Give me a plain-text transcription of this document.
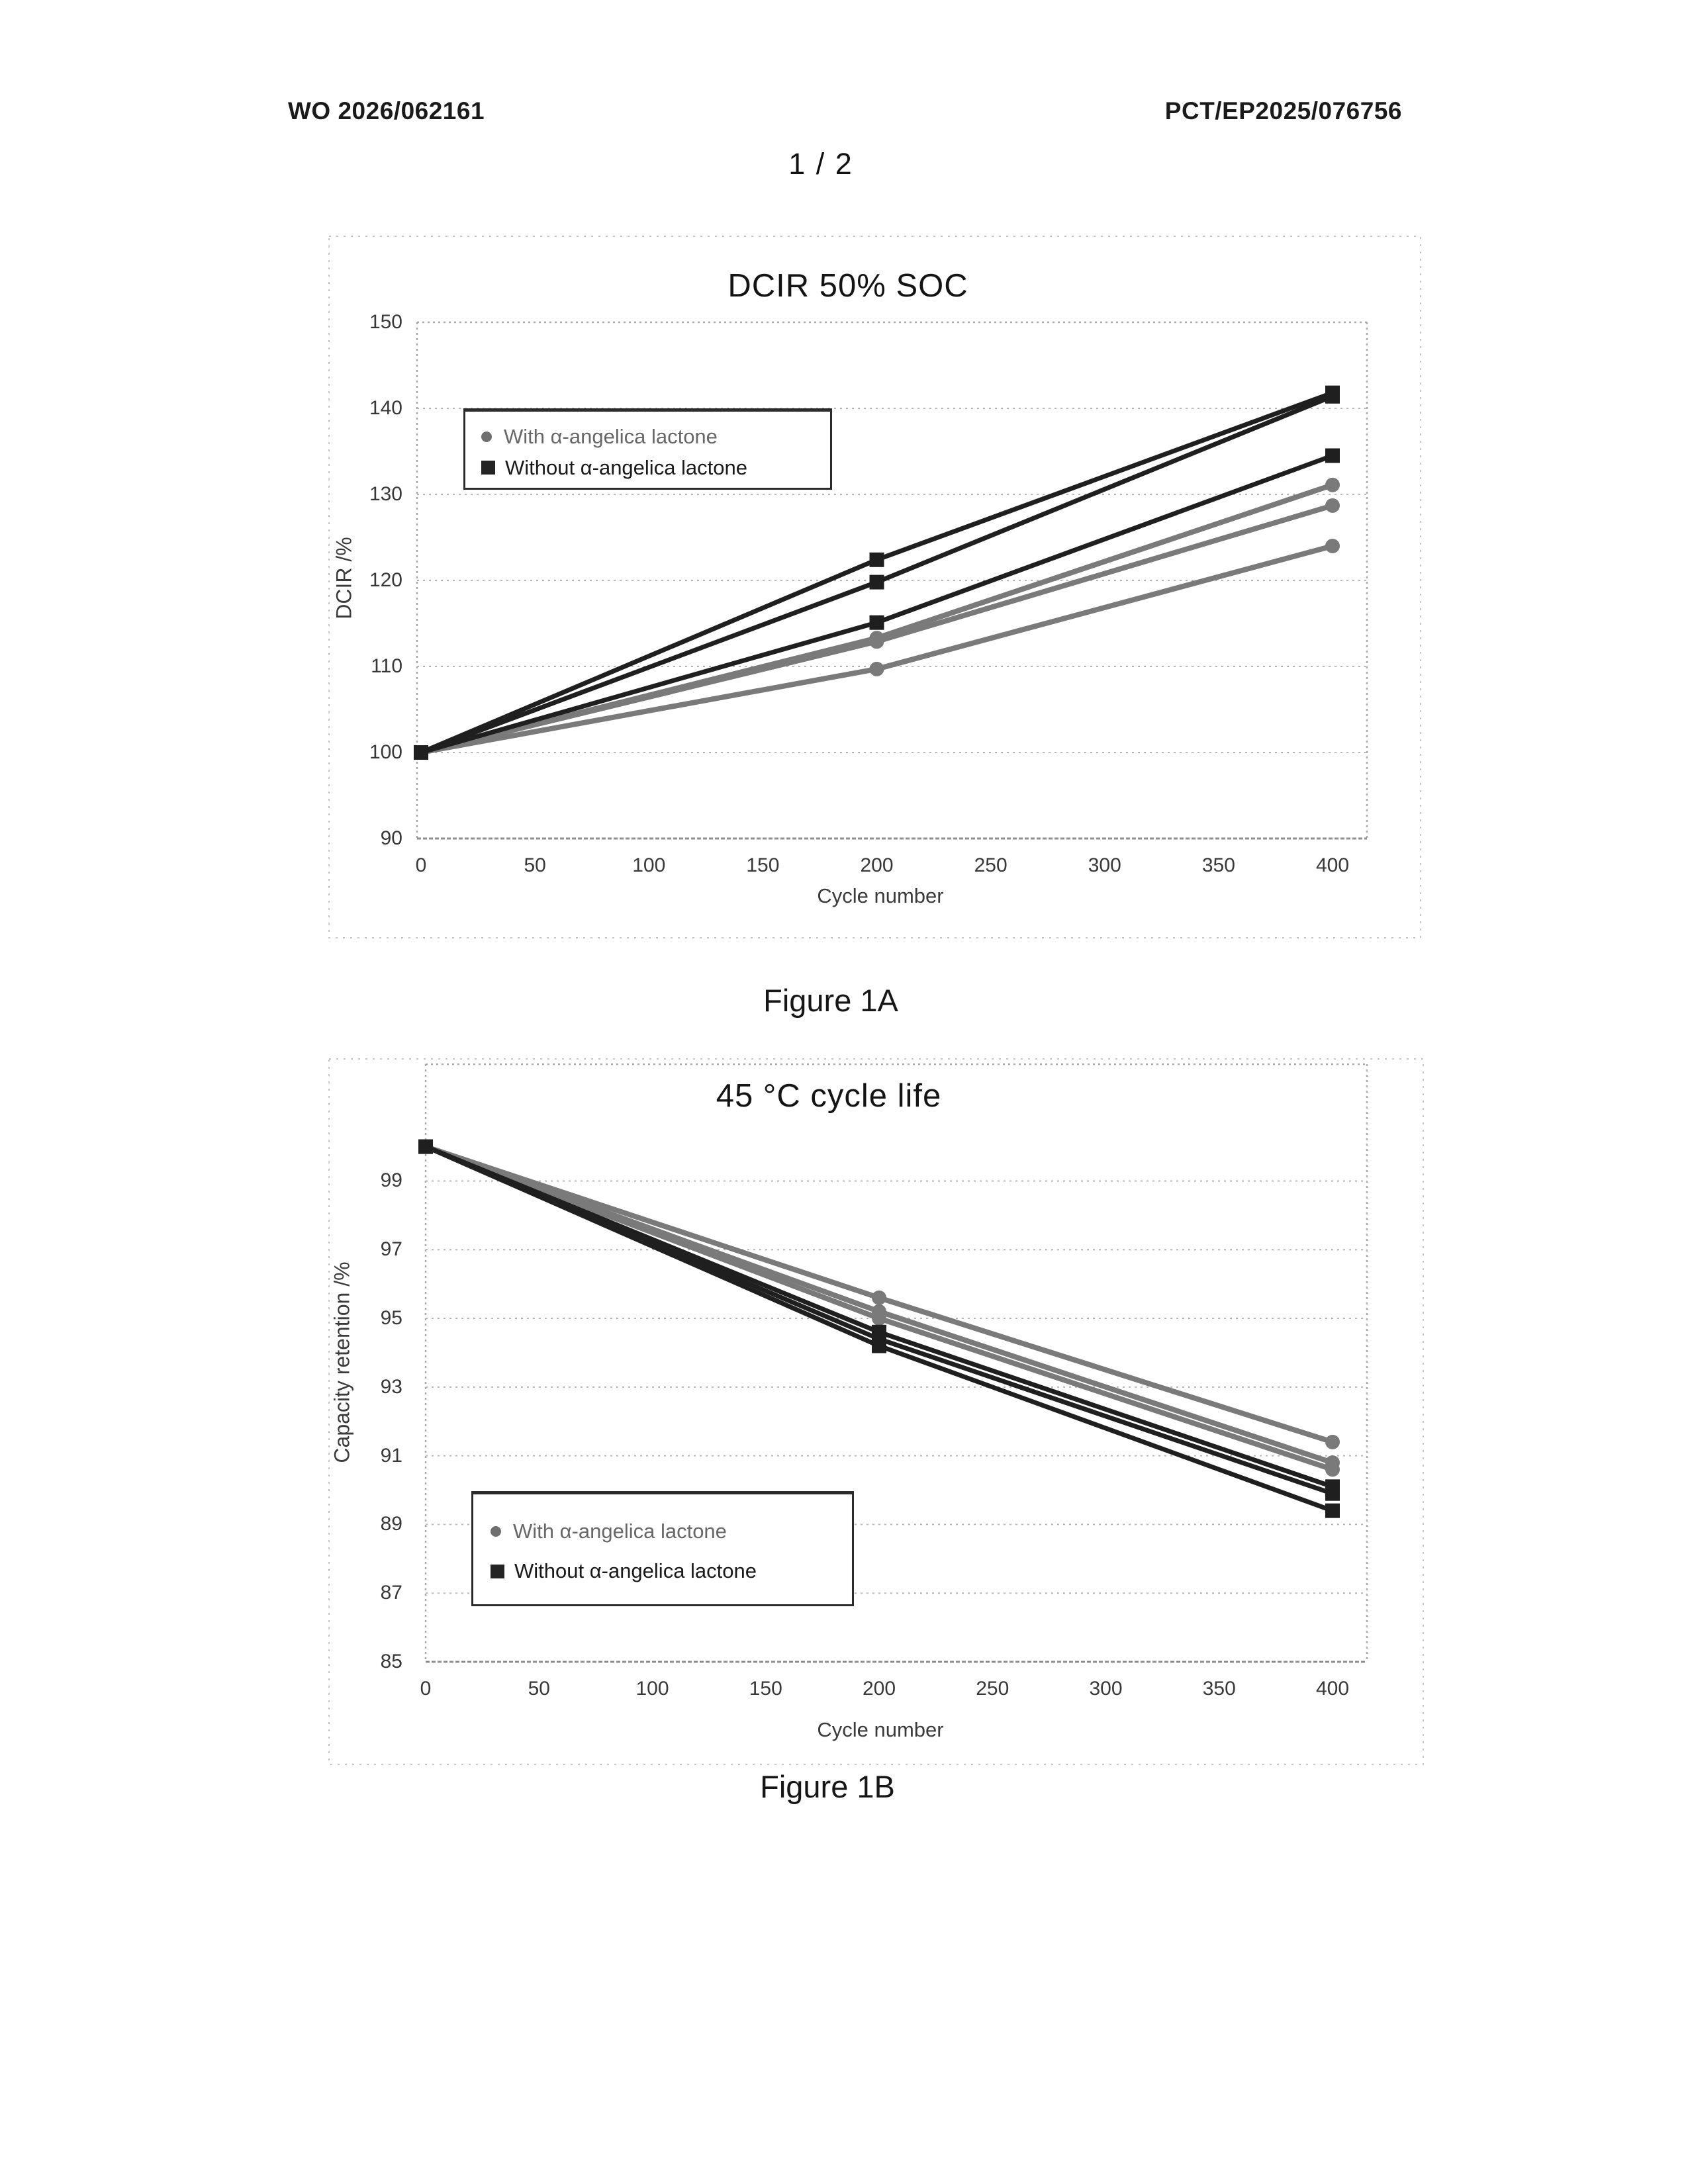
WO 2026/062161	PCT/EP2025/076756
1 / 2
DCIR 50% SOC
DCIR /%
With α-angelica lactone
Without α-angelica lactone
Cycle number
Figure 1A
45 °C cycle life
Capacity retention /%
With α-angelica lactone
Without α-angelica lactone
Cycle number
Figure 1B
90
100
110
120
130
140
150
0	50	100	150	200	250	300	350	400
85
87
89
91
93
95
97
99
0	50	100	150	200	250	300	350	400
